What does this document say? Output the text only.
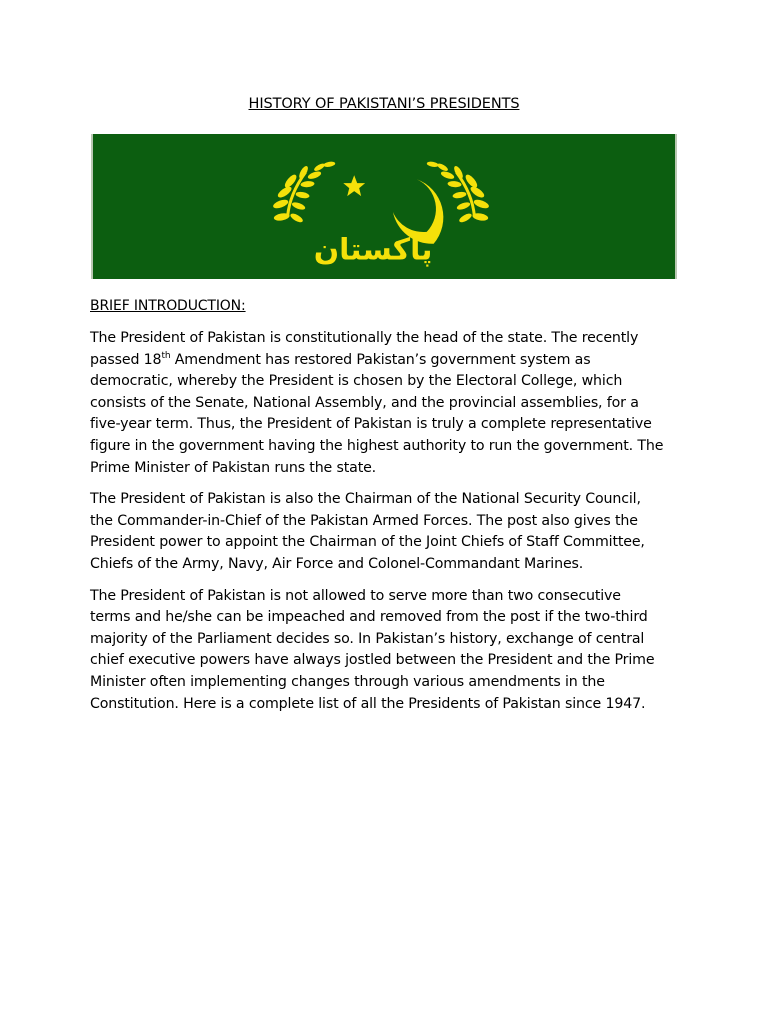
HISTORY OF PAKISTANI’S PRESIDENTS
پاکستان
BRIEF INTRODUCTION:
The President of Pakistan is constitutionally the head of the state. The recently
passed 18th Amendment has restored Pakistan’s government system as
democratic, whereby the President is chosen by the Electoral College, which
consists of the Senate, National Assembly, and the provincial assemblies, for a
five-year term. Thus, the President of Pakistan is truly a complete representative
figure in the government having the highest authority to run the government. The
Prime Minister of Pakistan runs the state.
The President of Pakistan is also the Chairman of the National Security Council,
the Commander-in-Chief of the Pakistan Armed Forces. The post also gives the
President power to appoint the Chairman of the Joint Chiefs of Staff Committee,
Chiefs of the Army, Navy, Air Force and Colonel-Commandant Marines.
The President of Pakistan is not allowed to serve more than two consecutive
terms and he/she can be impeached and removed from the post if the two-third
majority of the Parliament decides so. In Pakistan’s history, exchange of central
chief executive powers have always jostled between the President and the Prime
Minister often implementing changes through various amendments in the
Constitution. Here is a complete list of all the Presidents of Pakistan since 1947.
